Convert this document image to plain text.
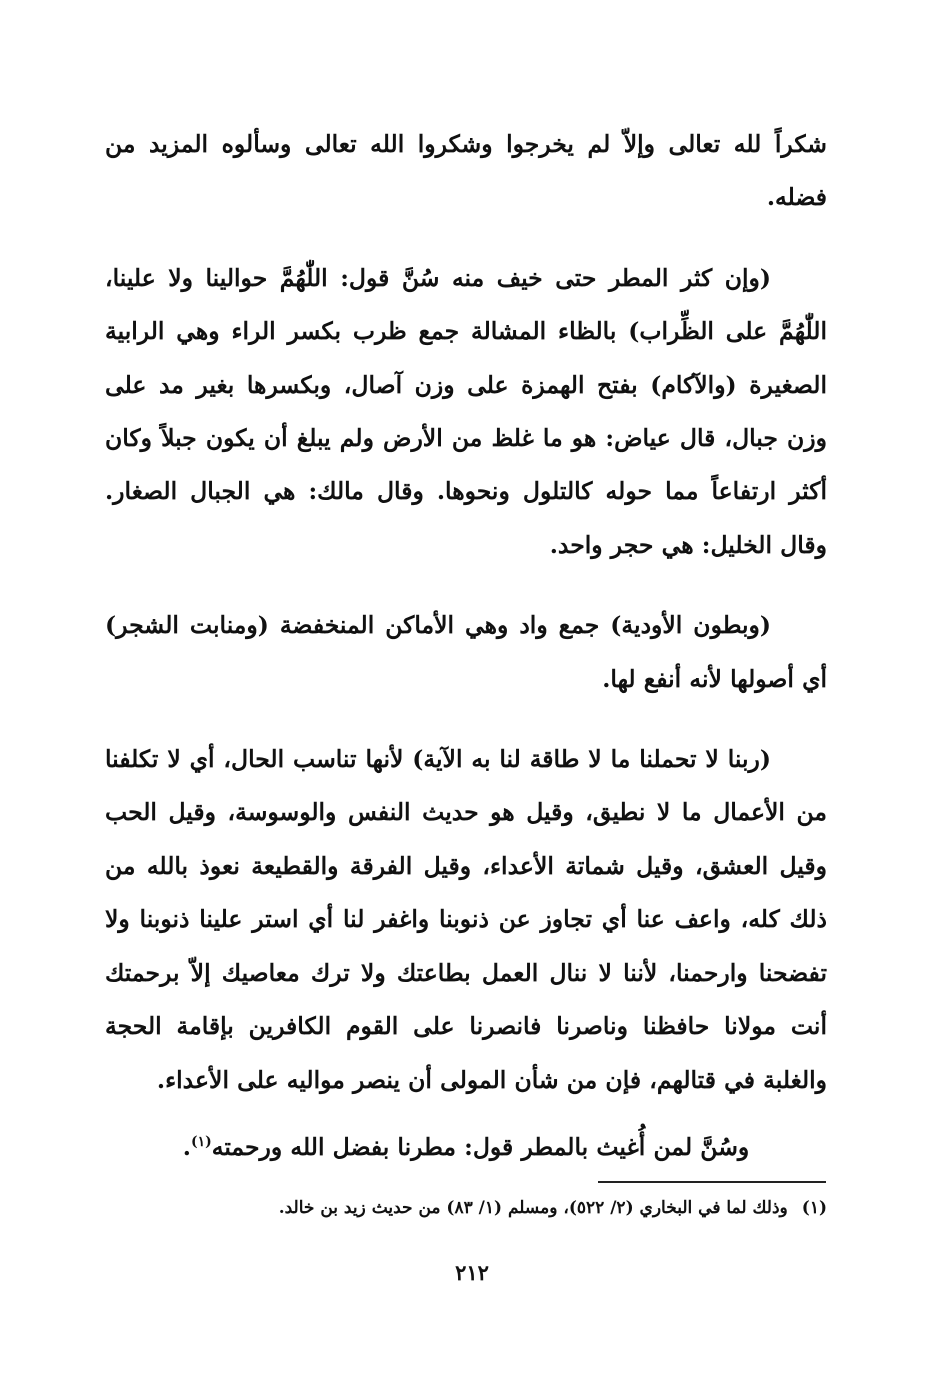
شكراً لله تعالى وإلاّ لم يخرجوا وشكروا الله تعالى وسألوه المزيد من فضله.

(وإن كثر المطر حتى خيف منه سُنَّ قول: اللّٰهُمَّ حوالينا ولا علينا، اللّٰهُمَّ على الظِّراب) بالظاء المشالة جمع ظرب بكسر الراء وهي الرابية الصغيرة (والآكام) بفتح الهمزة على وزن آصال، وبكسرها بغير مد على وزن جبال، قال عياض: هو ما غلظ من الأرض ولم يبلغ أن يكون جبلاً وكان أكثر ارتفاعاً مما حوله كالتلول ونحوها. وقال مالك: هي الجبال الصغار. وقال الخليل: هي حجر واحد.

(وبطون الأودية) جمع واد وهي الأماكن المنخفضة (ومنابت الشجر) أي أصولها لأنه أنفع لها.

(ربنا لا تحملنا ما لا طاقة لنا به الآية) لأنها تناسب الحال، أي لا تكلفنا من الأعمال ما لا نطيق، وقيل هو حديث النفس والوسوسة، وقيل الحب وقيل العشق، وقيل شماتة الأعداء، وقيل الفرقة والقطيعة نعوذ بالله من ذلك كله، واعف عنا أي تجاوز عن ذنوبنا واغفر لنا أي استر علينا ذنوبنا ولا تفضحنا وارحمنا، لأننا لا ننال العمل بطاعتك ولا ترك معاصيك إلاّ برحمتك أنت مولانا حافظنا وناصرنا فانصرنا على القوم الكافرين بإقامة الحجة والغلبة في قتالهم، فإن من شأن المولى أن ينصر مواليه على الأعداء.

وسُنَّ لمن أُغيث بالمطر قول: مطرنا بفضل الله ورحمته$^{(١)}$.

(١)وذلك لما في البخاري (٢/ ٥٢٢)، ومسلم (١/ ٨٣) من حديث زيد بن خالد.
٢١٢
